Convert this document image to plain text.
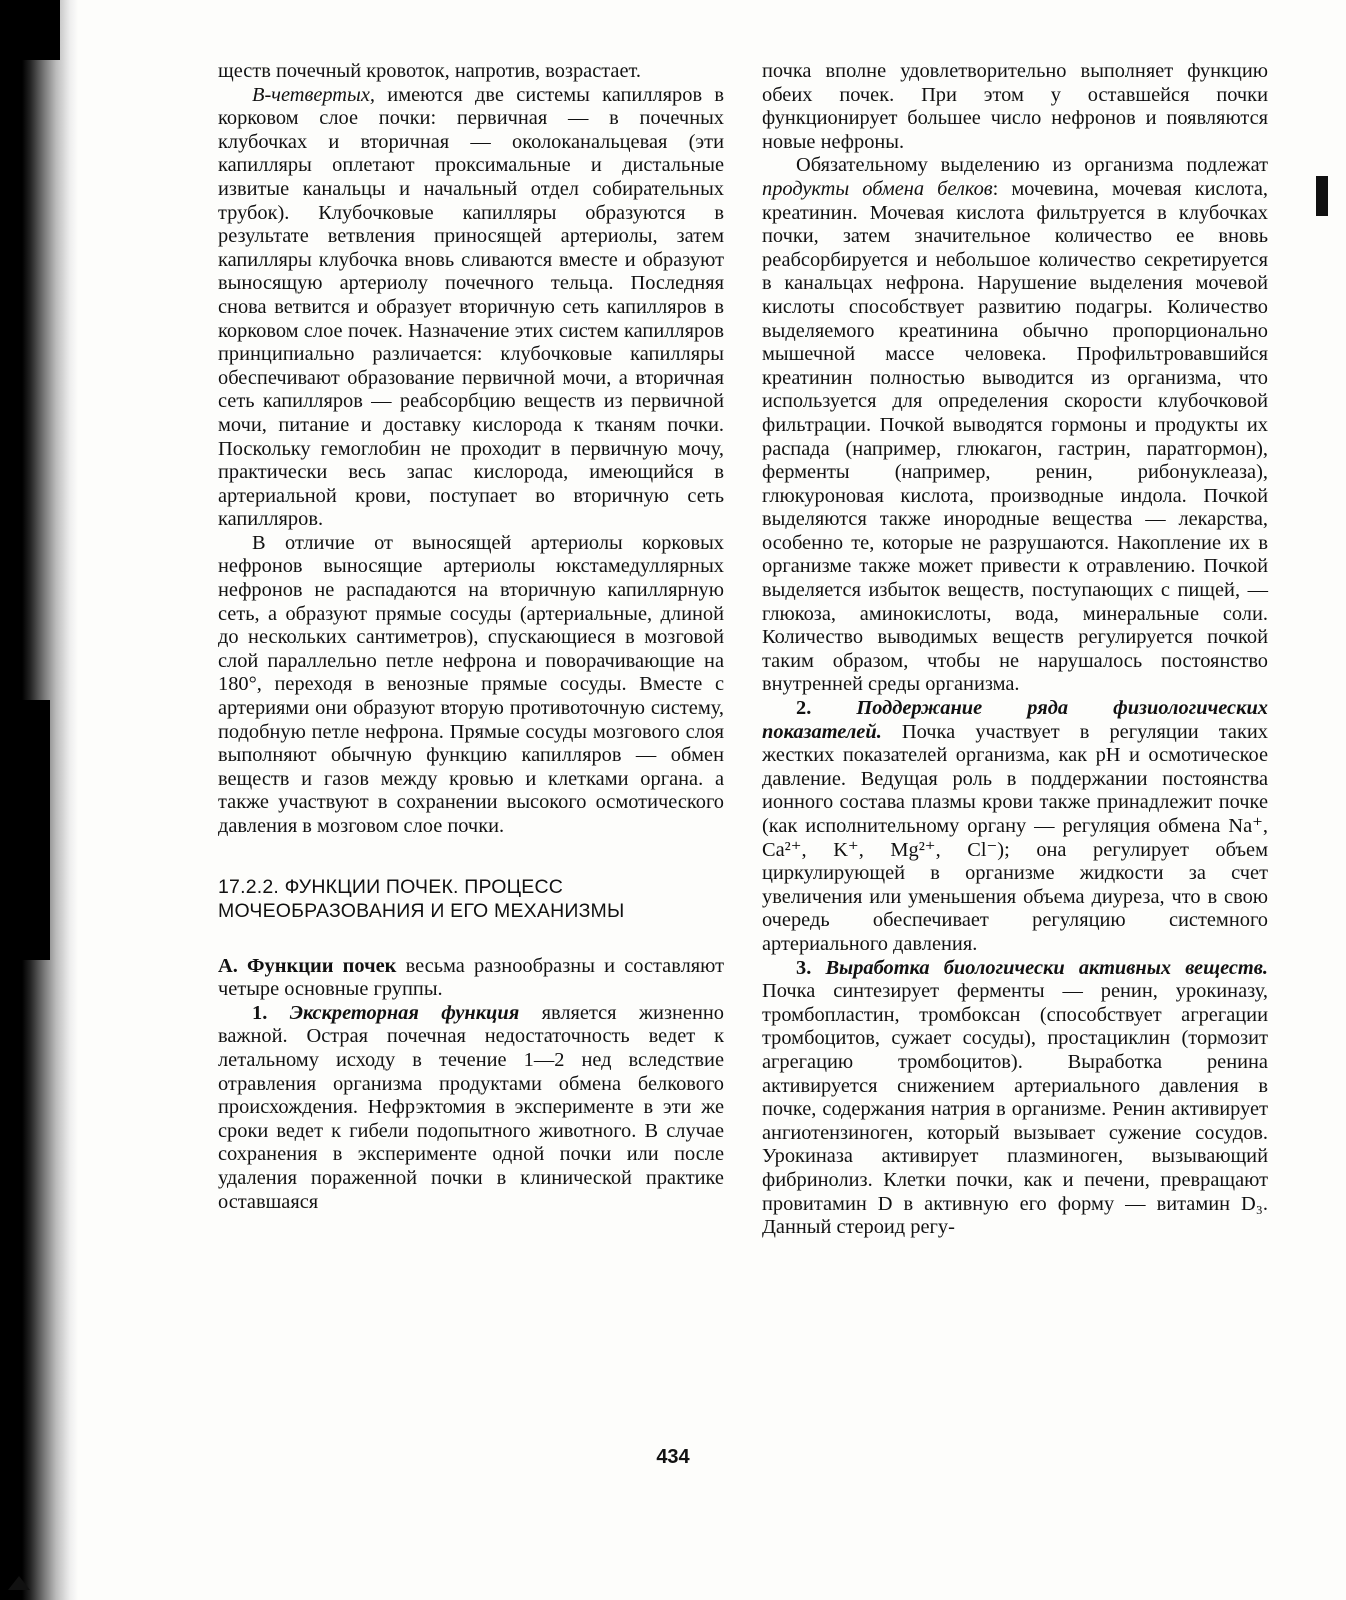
ществ почечный кровоток, напротив, возрастает.

В-четвертых, имеются две системы капилляров в корковом слое почки: первичная — в почечных клубочках и вторичная — околоканальцевая (эти капилляры оплетают проксимальные и дистальные извитые канальцы и начальный отдел собирательных трубок). Клубочковые капилляры образуются в результате ветвления приносящей артериолы, затем капилляры клубочка вновь сливаются вместе и образуют выносящую артериолу почечного тельца. Последняя снова ветвится и образует вторичную сеть капилляров в корковом слое почек. Назначение этих систем капилляров принципиально различается: клубочковые капилляры обеспечивают образование первичной мочи, а вторичная сеть капилляров — реабсорбцию веществ из первичной мочи, питание и доставку кислорода к тканям почки. Поскольку гемоглобин не проходит в первичную мочу, практически весь запас кислорода, имеющийся в артериальной крови, поступает во вторичную сеть капилляров.

В отличие от выносящей артериолы корковых нефронов выносящие артериолы юкстамедуллярных нефронов не распадаются на вторичную капиллярную сеть, а образуют прямые сосуды (артериальные, длиной до нескольких сантиметров), спускающиеся в мозговой слой параллельно петле нефрона и поворачивающие на 180°, переходя в венозные прямые сосуды. Вместе с артериями они образуют вторую противоточную систему, подобную петле нефрона. Прямые сосуды мозгового слоя выполняют обычную функцию капилляров — обмен веществ и газов между кровью и клетками органа. а также участвуют в сохранении высокого осмотического давления в мозговом слое почки.

17.2.2. ФУНКЦИИ ПОЧЕК. ПРОЦЕСС
МОЧЕОБРАЗОВАНИЯ И ЕГО МЕХАНИЗМЫ

А. Функции почек весьма разнообразны и составляют четыре основные группы.

1. Экскреторная функция является жизненно важной. Острая почечная недостаточность ведет к летальному исходу в течение 1—2 нед вследствие отравления организма продуктами обмена белкового происхождения. Нефрэктомия в эксперименте в эти же сроки ведет к гибели подопытного животного. В случае сохранения в эксперименте одной почки или после удаления пораженной почки в клинической практике оставшаяся

почка вполне удовлетворительно выполняет функцию обеих почек. При этом у оставшейся почки функционирует большее число нефронов и появляются новые нефроны.

Обязательному выделению из организма подлежат продукты обмена белков: мочевина, мочевая кислота, креатинин. Мочевая кислота фильтруется в клубочках почки, затем значительное количество ее вновь реабсорбируется и небольшое количество секретируется в канальцах нефрона. Нарушение выделения мочевой кислоты способствует развитию подагры. Количество выделяемого креатинина обычно пропорционально мышечной массе человека. Профильтровавшийся креатинин полностью выводится из организма, что используется для определения скорости клубочковой фильтрации. Почкой выводятся гормоны и продукты их распада (например, глюкагон, гастрин, паратгормон), ферменты (например, ренин, рибонуклеаза), глюкуроновая кислота, производные индола. Почкой выделяются также инородные вещества — лекарства, особенно те, которые не разрушаются. Накопление их в организме также может привести к отравлению. Почкой выделяется избыток веществ, поступающих с пищей, — глюкоза, аминокислоты, вода, минеральные соли. Количество выводимых веществ регулируется почкой таким образом, чтобы не нарушалось постоянство внутренней среды организма.

2. Поддержание ряда физиологических показателей. Почка участвует в регуляции таких жестких показателей организма, как рН и осмотическое давление. Ведущая роль в поддержании постоянства ионного состава плазмы крови также принадлежит почке (как исполнительному органу — регуляция обмена Na⁺, Ca²⁺, K⁺, Mg²⁺, Cl⁻); она регулирует объем циркулирующей в организме жидкости за счет увеличения или уменьшения объема диуреза, что в свою очередь обеспечивает регуляцию системного артериального давления.

3. Выработка биологически активных веществ. Почка синтезирует ферменты — ренин, урокиназу, тромбопластин, тромбоксан (способствует агрегации тромбоцитов, сужает сосуды), простациклин (тормозит агрегацию тромбоцитов). Выработка ренина активируется снижением артериального давления в почке, содержания натрия в организме. Ренин активирует ангиотензиноген, который вызывает сужение сосудов. Урокиназа активирует плазминоген, вызывающий фибринолиз. Клетки почки, как и печени, превращают провитамин D в активную его форму — витамин D₃. Данный стероид регу-

434
